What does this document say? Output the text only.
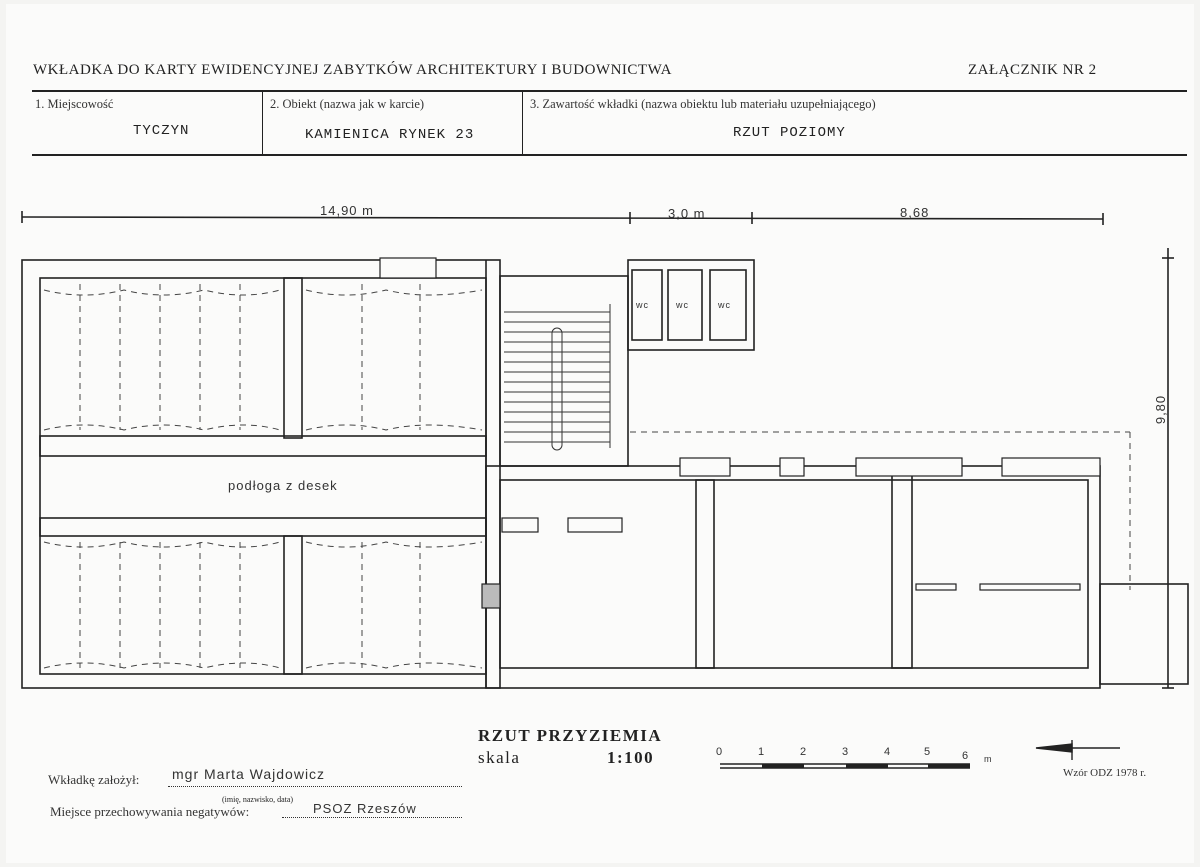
WKŁADKA DO KARTY EWIDENCYJNEJ ZABYTKÓW ARCHITEKTURY I BUDOWNICTWA	ZAŁĄCZNIK NR 2
1. Miejscowość
TYCZYN
2. Obiekt (nazwa jak w karcie)
KAMIENICA RYNEK 23
3. Zawartość wkładki (nazwa obiektu lub materiału uzupełniającego)
RZUT POZIOMY
14,90 m	3,0 m	8,68
9,80
podłoga z desek
wc	wc	wc
RZUT PRZYZIEMIA
skala	1:100	0	1	2	3	4	5	6 m
Wkładkę założył: mgr Marta Wajdowicz
(imię, nazwisko, data)
Miejsce przechowywania negatywów:	PSOZ Rzeszów
Wzór ODZ 1978 r.
